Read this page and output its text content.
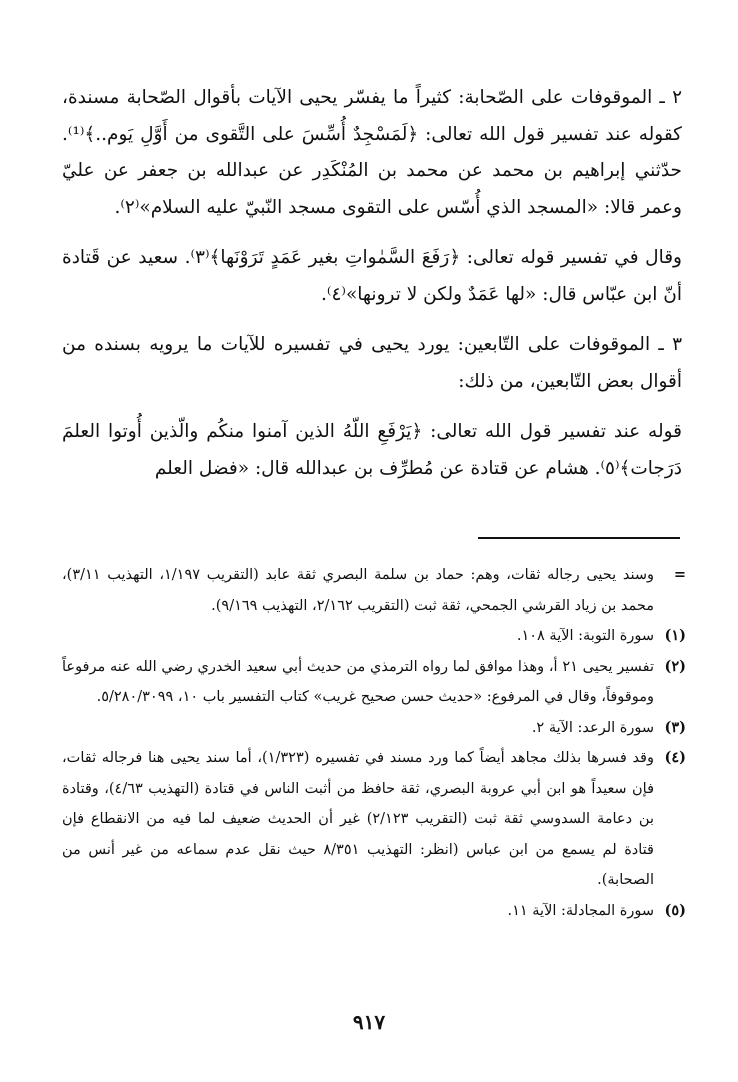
٢ ـ الموقوفات على الصّحابة: كثيراً ما يفسّر يحيى الآيات بأقوال الصّحابة مسندة، كقوله عند تفسير قول الله تعالى: ﴿لَمَسْجِدٌ أُسِّسَ على التَّقوى من أَوَّلِ يَوم..﴾⁽¹⁾. حدّثني إبراهيم بن محمد عن محمد بن المُنْكَدِر عن عبدالله بن جعفر عن عليّ وعمر قالا: «المسجد الذي أُسّس على التقوى مسجد النّبيّ عليه السلام»⁽٢⁾.

وقال في تفسير قوله تعالى: ﴿رَفَعَ السَّمٰواتِ بغير عَمَدٍ تَرَوْنَها﴾⁽٣⁾. سعيد عن قَتادة أنّ ابن عبّاس قال: «لها عَمَدٌ ولكن لا ترونها»⁽٤⁾.

٣ ـ الموقوفات على التّابعين: يورد يحيى في تفسيره للآيات ما يرويه بسنده من أقوال بعض التّابعين، من ذلك:

قوله عند تفسير قول الله تعالى: ﴿يَرْفَعِ اللّهُ الذين آمنوا منكُم والّذين أُوتوا العلمَ دَرَجات﴾⁽٥⁾. هشام عن قتادة عن مُطرِّف بن عبدالله قال: «فضل العلم

=
وسند يحيى رجاله ثقات، وهم: حماد بن سلمة البصري ثقة عابد (التقريب ١/١٩٧، التهذيب ٣/١١)، محمد بن زياد القرشي الجمحي، ثقة ثبت (التقريب ٢/١٦٢، التهذيب ٩/١٦٩).
(١)
سورة التوبة: الآية ١٠٨.
(٢)
تفسير يحيى ٢١ أ، وهذا موافق لما رواه الترمذي من حديث أبي سعيد الخدري رضي الله عنه مرفوعاً وموقوفاً، وقال في المرفوع: «حديث حسن صحيح غريب» كتاب التفسير باب ١٠، ٥/٢٨٠/٣٠٩٩.
(٣)
سورة الرعد: الآية ٢.
(٤)
وقد فسرها بذلك مجاهد أيضاً كما ورد مسند في تفسيره (١/٣٢٣)، أما سند يحيى هنا فرجاله ثقات، فإن سعيداً هو ابن أبي عروبة البصري، ثقة حافظ من أثبت الناس في قتادة (التهذيب ٤/٦٣)، وقتادة بن دعامة السدوسي ثقة ثبت (التقريب ٢/١٢٣) غير أن الحديث ضعيف لما فيه من الانقطاع فإن قتادة لم يسمع من ابن عباس (انظر: التهذيب ٨/٣٥١ حيث نقل عدم سماعه من غير أنس من الصحابة).
(٥)
سورة المجادلة: الآية ١١.
٩١٧
